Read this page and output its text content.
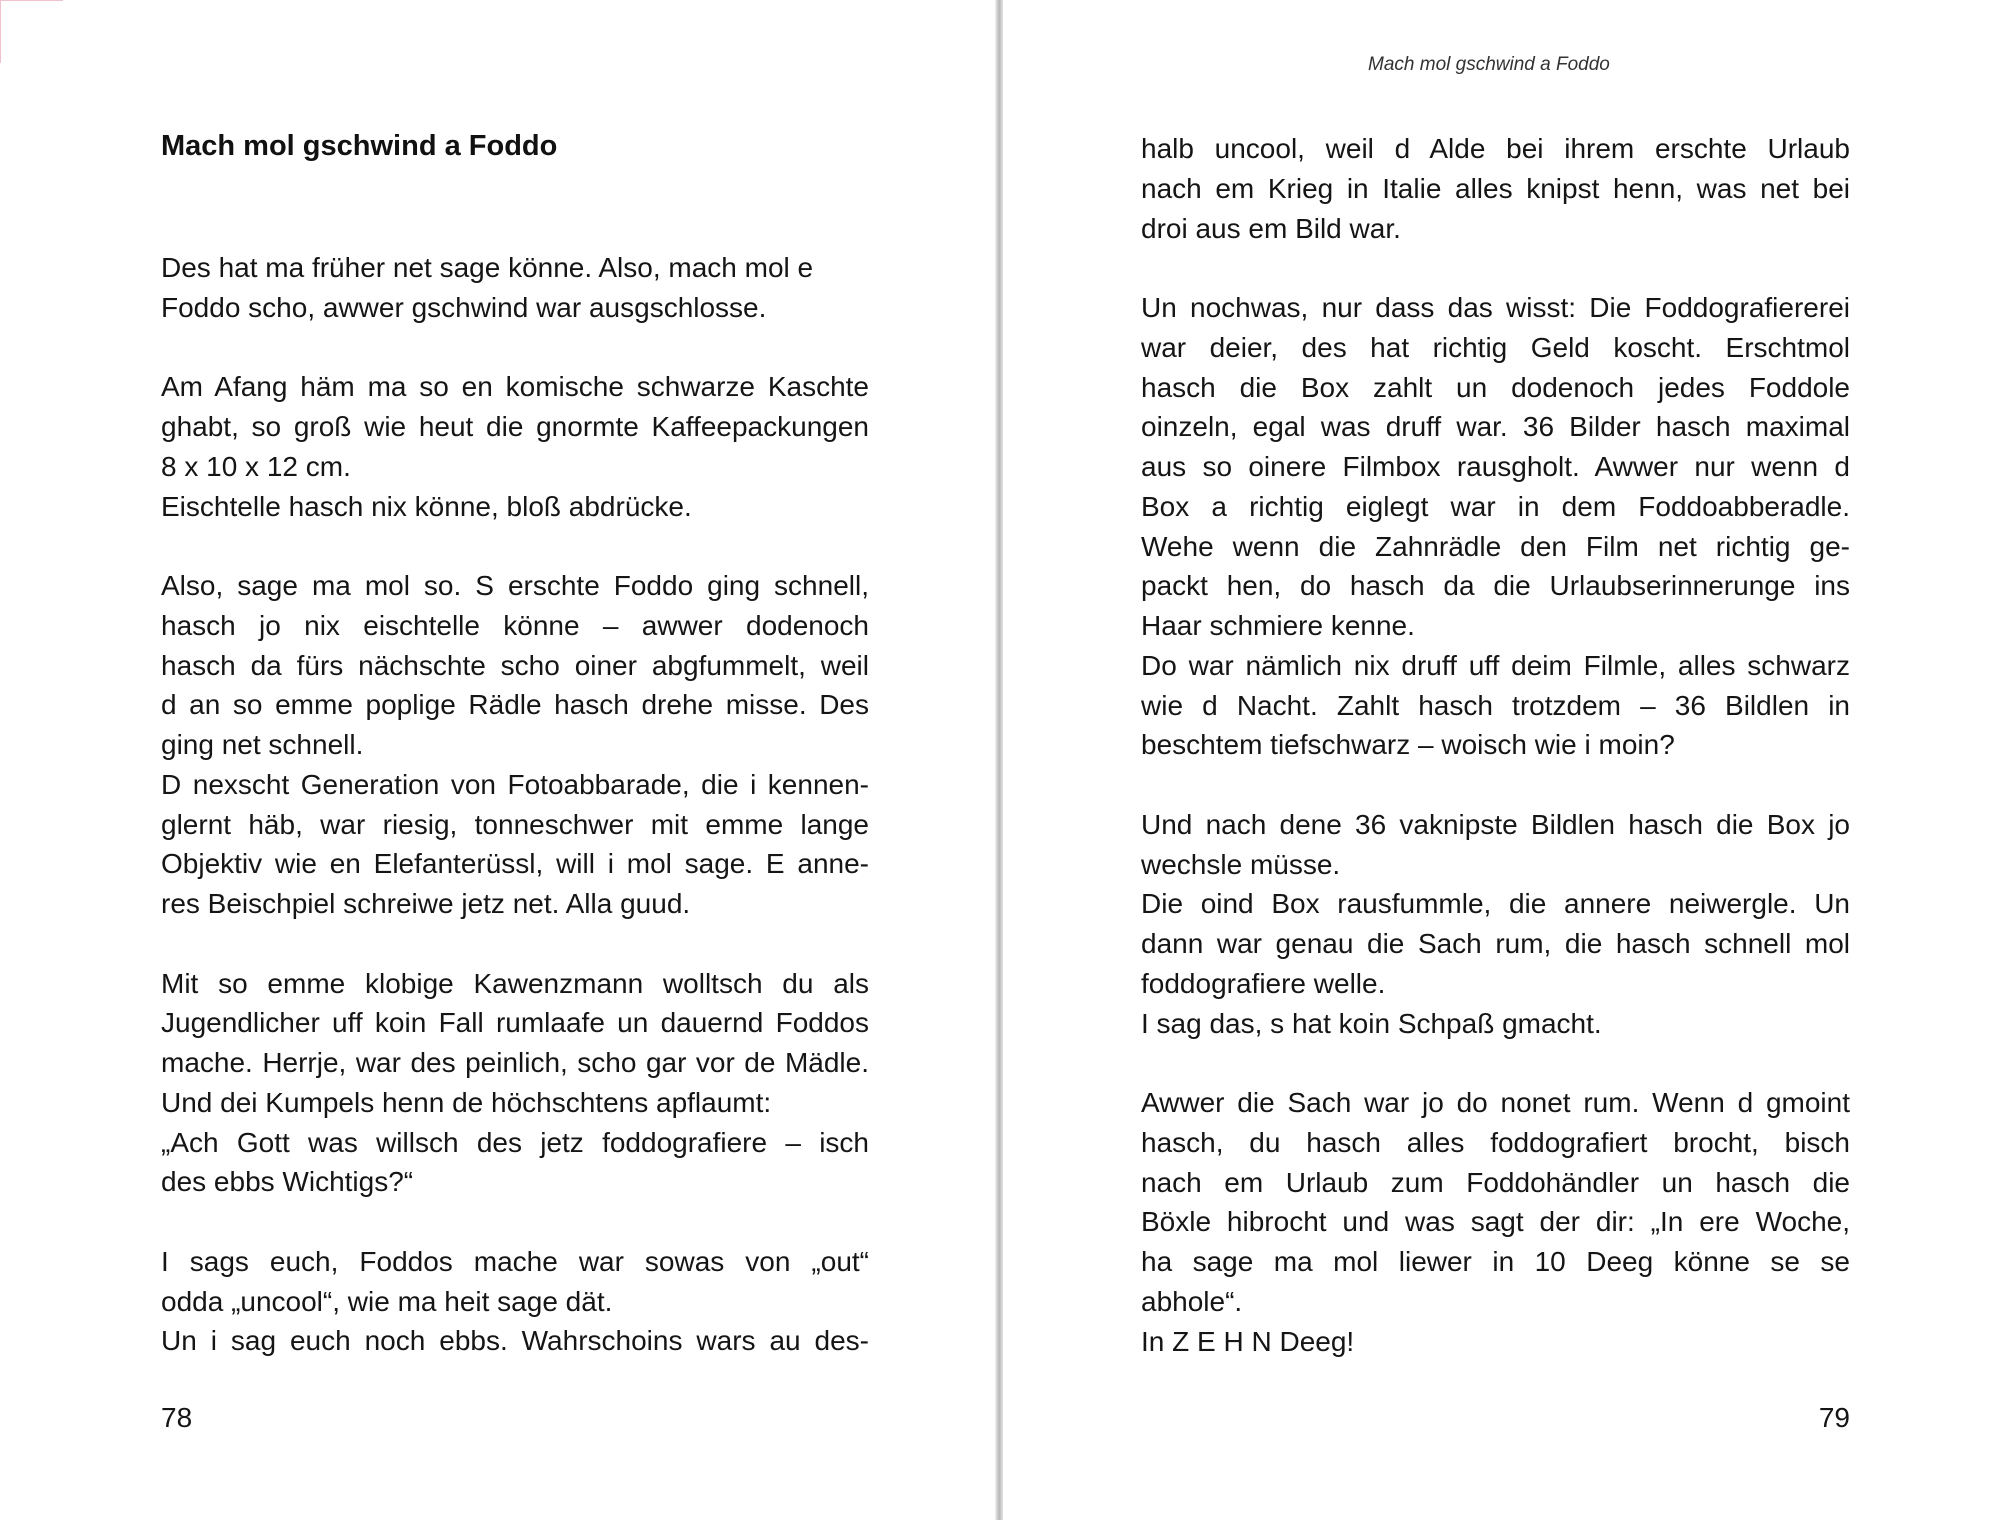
Mach mol gschwind a Foddo
Des hat ma früher net sage könne. Also, mach mol e
Foddo scho, awwer gschwind war ausgschlosse.

Am Afang häm ma so en komische schwarze Kaschte
ghabt, so groß wie heut die gnormte Kaffeepackungen
8 x 10 x 12 cm.
Eischtelle hasch nix könne, bloß abdrücke.

Also, sage ma mol so. S erschte Foddo ging schnell,
hasch jo nix eischtelle könne – awwer dodenoch
hasch da fürs nächschte scho oiner abgfummelt, weil
d an so emme poplige Rädle hasch drehe misse. Des
ging net schnell.
D nexscht Generation von Fotoabbarade, die i kennen-
glernt häb, war riesig, tonneschwer mit emme lange
Objektiv wie en Elefanterüssl, will i mol sage. E anne-
res Beischpiel schreiwe jetz net. Alla guud.

Mit so emme klobige Kawenzmann wolltsch du als
Jugendlicher uff koin Fall rumlaafe un dauernd Foddos
mache. Herrje, war des peinlich, scho gar vor de Mädle.
Und dei Kumpels henn de höchschtens apflaumt:
„Ach Gott was willsch des jetz foddografiere – isch
des ebbs Wichtigs?“

I sags euch, Foddos mache war sowas von „out“
odda „uncool“, wie ma heit sage dät.
Un i sag euch noch ebbs. Wahrschoins wars au des-
78
Mach mol gschwind a Foddo
halb uncool, weil d Alde bei ihrem erschte Urlaub
nach em Krieg in Italie alles knipst henn, was net bei
droi aus em Bild war.

Un nochwas, nur dass das wisst: Die Foddografiererei
war deier, des hat richtig Geld koscht. Erschtmol
hasch die Box zahlt un dodenoch jedes Foddole
oinzeln, egal was druff war. 36 Bilder hasch maximal
aus so oinere Filmbox rausgholt. Awwer nur wenn d
Box a richtig eiglegt war in dem Foddoabberadle.
Wehe wenn die Zahnrädle den Film net richtig ge-
packt hen, do hasch da die Urlaubserinnerunge ins
Haar schmiere kenne.
Do war nämlich nix druff uff deim Filmle, alles schwarz
wie d Nacht. Zahlt hasch trotzdem – 36 Bildlen in
beschtem tiefschwarz – woisch wie i moin?

Und nach dene 36 vaknipste Bildlen hasch die Box jo
wechsle müsse.
Die oind Box rausfummle, die annere neiwergle. Un
dann war genau die Sach rum, die hasch schnell mol
foddografiere welle.
I sag das, s hat koin Schpaß gmacht.

Awwer die Sach war jo do nonet rum. Wenn d gmoint
hasch, du hasch alles foddografiert brocht, bisch
nach em Urlaub zum Foddohändler un hasch die
Böxle hibrocht und was sagt der dir: „In ere Woche,
ha sage ma mol liewer in 10 Deeg könne se se
abhole“.
In Z E H N Deeg!
79
